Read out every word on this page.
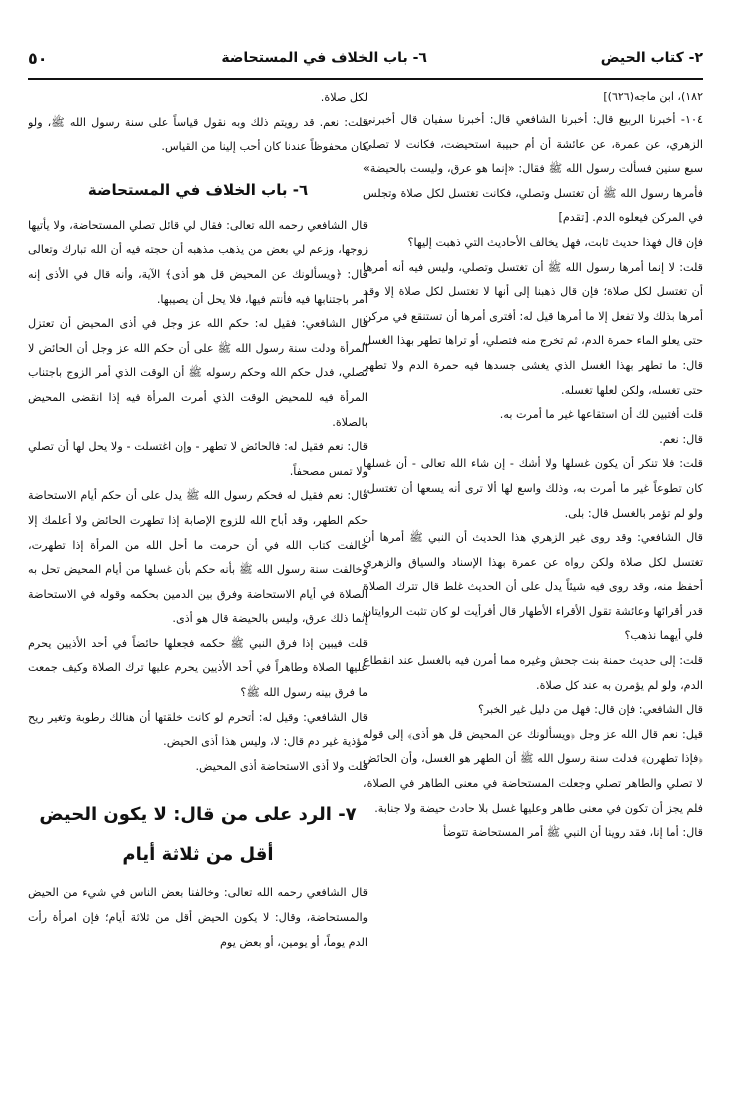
٢- كتاب الحيض
٦- باب الخلاف في المستحاضة
٥٠

١٨٢)، ابن ماجه(٦٢٦)]

١٠٤- أخبرنا الربيع قال: أخبرنا الشافعي قال: أخبرنا سفيان قال أخبرني الزهري، عن عمرة، عن عائشة أن أم حبيبة استحيضت، فكانت لا تصلي سبع سنين فسألت رسول الله ﷺ فقال: «إنما هو عرق، وليست بالحيضة» فأمرها رسول الله ﷺ أن تغتسل وتصلي، فكانت تغتسل لكل صلاة وتجلس في المركن فيعلوه الدم. [تقدم]

فإن قال فهذا حديث ثابت، فهل يخالف الأحاديث التي ذهبت إليها؟

قلت: لا إنما أمرها رسول الله ﷺ أن تغتسل وتصلي، وليس فيه أنه أمرها أن تغتسل لكل صلاة؛ فإن قال ذهبنا إلى أنها لا تغتسل لكل صلاة إلا وقد أمرها بذلك ولا تفعل إلا ما أمرها قيل له: أفترى أمرها أن تستنقع في مركن حتى يعلو الماء حمرة الدم، ثم تخرج منه فتصلي، أو تراها تطهر بهذا الغسل قال: ما تطهر بهذا الغسل الذي يغشى جسدها فيه حمرة الدم ولا تطهر حتى تغسله، ولكن لعلها تغسله.

قلت أفتبين لك أن استقاعها غير ما أمرت به.

قال: نعم.

قلت: فلا تنكر أن يكون غسلها ولا أشك - إن شاء الله تعالى - أن غسلها كان تطوعاً غير ما أمرت به، وذلك واسع لها ألا ترى أنه يسعها أن تغتسل، ولو لم تؤمر بالغسل قال: بلى.

قال الشافعي: وقد روى غير الزهري هذا الحديث أن النبي ﷺ أمرها أن تغتسل لكل صلاة ولكن رواه عن عمرة بهذا الإسناد والسياق والزهري أحفظ منه، وقد روى فيه شيئاً يدل على أن الحديث غلط قال تترك الصلاة قدر أقرائها وعائشة تقول الأقراء الأطهار قال أفرأيت لو كان تثبت الروايتان فلي أيهما نذهب؟

قلت: إلى حديث حمنة بنت جحش وغيره مما أمرن فيه بالغسل عند انقطاع الدم، ولو لم يؤمرن به عند كل صلاة.

قال الشافعي: فإن قال: فهل من دليل غير الخبر؟

قيل: نعم قال الله عز وجل ﴿ويسألونك عن المحيض قل هو أذى﴾ إلى قوله ﴿فإذا تطهرن﴾ فدلت سنة رسول الله ﷺ أن الطهر هو الغسل، وأن الحائض لا تصلي والطاهر تصلي وجعلت المستحاضة في معنى الطاهر في الصلاة، فلم يجز أن تكون في معنى طاهر وعليها غسل بلا حادث حيضة ولا جنابة.

قال: أما إنا، فقد روينا أن النبي ﷺ أمر المستحاضة تتوضأ

لكل صلاة.

قلت: نعم. قد رويتم ذلك وبه نقول قياساً على سنة رسول الله ﷺ، ولو كان محفوظاً عندنا كان أحب إلينا من القياس.

٦- باب الخلاف في المستحاضة

قال الشافعي رحمه الله تعالى: فقال لي قائل تصلي المستحاضة، ولا يأتيها زوجها، وزعم لي بعض من يذهب مذهبه أن حجته فيه أن الله تبارك وتعالى قال: ﴿ويسألونك عن المحيض قل هو أذى﴾ الآية، وأنه قال في الأذى إنه أمر باجتنابها فيه فأنتم فيها، فلا يحل أن يصيبها.

قال الشافعي: فقيل له: حكم الله عز وجل في أذى المحيض أن تعتزل المرأة ودلت سنة رسول الله ﷺ على أن حكم الله عز وجل أن الحائض لا تصلي، فدل حكم الله وحكم رسوله ﷺ أن الوقت الذي أمر الزوج باجتناب المرأة فيه للمحيض الوقت الذي أمرت المرأة فيه إذا انقضى المحيض بالصلاة.

قال: نعم فقيل له: فالحائض لا تطهر - وإن اغتسلت - ولا يحل لها أن تصلي ولا تمس مصحفاً.

قال: نعم فقيل له فحكم رسول الله ﷺ يدل على أن حكم أيام الاستحاضة حكم الطهر، وقد أباح الله للزوج الإصابة إذا تطهرت الحائض ولا أعلمك إلا خالفت كتاب الله في أن حرمت ما أحل الله من المرأة إذا تطهرت، وخالفت سنة رسول الله ﷺ بأنه حكم بأن غسلها من أيام المحيض تحل به الصلاة في أيام الاستحاضة وفرق بين الدمين بحكمه وقوله في الاستحاضة إنما ذلك عرق، وليس بالحيضة قال هو أذى.

قلت فيبين إذا فرق النبي ﷺ حكمه فجعلها حائضاً في أحد الأذيين يحرم عليها الصلاة وطاهراً في أحد الأذيين يحرم عليها ترك الصلاة وكيف جمعت ما فرق بينه رسول الله ﷺ؟

قال الشافعي: وقيل له: أتحرم لو كانت خلقتها أن هنالك رطوبة وتغير ريح مؤذية غير دم قال: لا، وليس هذا أذى الحيض.

قلت ولا أذى الاستحاضة أذى المحيض.

٧- الرد على من قال: لا يكون الحيض أقل من ثلاثة أيام

قال الشافعي رحمه الله تعالى: وخالفنا بعض الناس في شيء من الحيض والمستحاضة، وقال: لا يكون الحيض أقل من ثلاثة أيام؛ فإن امرأة رأت الدم يوماً، أو يومين، أو بعض يوم
